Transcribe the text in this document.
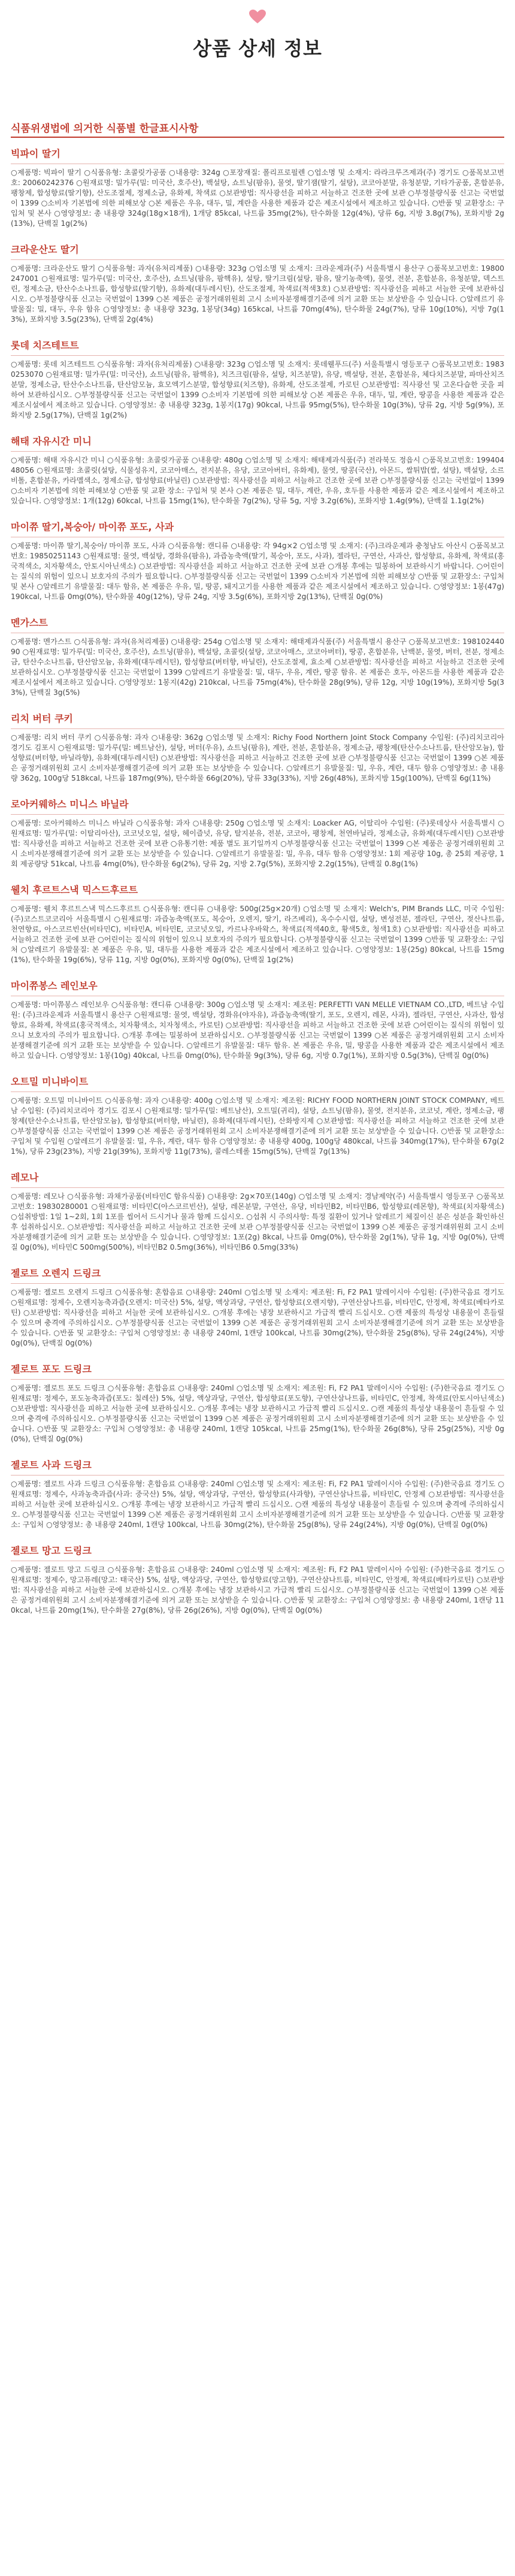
상품 상세 정보
식품위생법에 의거한 식품별 한글표시사항
빅파이 딸기

○제품명: 빅파이 딸기 ○식품유형: 초콜릿가공품 ○내용량: 324g ○포장재질: 폴리프로필렌 ○업소명 및 소재지: 라라크루즈제과(주) 경기도 ○품목보고번호: 20060242376 ○원재료명: 밀가루(밀: 미국산, 호주산), 백설탕, 쇼트닝(팜유), 물엿, 딸기잼(딸기, 설탕), 코코아분말, 유청분말, 기타가공품, 혼합분유, 팽창제, 합성향료(딸기향), 산도조절제, 정제소금, 유화제, 착색료 ○보관방법: 직사광선을 피하고 서늘하고 건조한 곳에 보관 ○부정불량식품 신고는 국번없이 1399 ○소비자 기본법에 의한 피해보상 ○본 제품은 우유, 대두, 밀, 계란을 사용한 제품과 같은 제조시설에서 제조하고 있습니다. ○반품 및 교환장소: 구입처 및 본사 ○영양정보: 총 내용량 324g(18g×18개), 1개당 85kcal, 나트륨 35mg(2%), 탄수화물 12g(4%), 당류 6g, 지방 3.8g(7%), 포화지방 2g(13%), 단백질 1g(2%)

크라운산도 딸기

○제품명: 크라운산도 딸기 ○식품유형: 과자(유처리제품) ○내용량: 323g ○업소명 및 소재지: 크라운제과(주) 서울특별시 용산구 ○품목보고번호: 19800247001 ○원재료명: 밀가루(밀: 미국산, 호주산), 쇼트닝(팜유, 팜핵유), 설탕, 딸기크림(설탕, 팜유, 딸기농축액), 물엿, 전분, 혼합분유, 유청분말, 덱스트린, 정제소금, 탄산수소나트륨, 합성향료(딸기향), 유화제(대두레시틴), 산도조절제, 착색료(적색3호) ○보관방법: 직사광선을 피하고 서늘한 곳에 보관하십시오. ○부정불량식품 신고는 국번없이 1399 ○본 제품은 공정거래위원회 고시 소비자분쟁해결기준에 의거 교환 또는 보상받을 수 있습니다. ○알레르기 유발물질: 밀, 대두, 우유 함유 ○영양정보: 총 내용량 323g, 1봉당(34g) 165kcal, 나트륨 70mg(4%), 탄수화물 24g(7%), 당류 10g(10%), 지방 7g(13%), 포화지방 3.5g(23%), 단백질 2g(4%)

롯데 치즈테트트

○제품명: 롯데 치즈테트트 ○식품유형: 과자(유처리제품) ○내용량: 323g ○업소명 및 소재지: 롯데웰푸드(주) 서울특별시 영등포구 ○품목보고번호: 19830253070 ○원재료명: 밀가루(밀: 미국산), 쇼트닝(팜유, 팜핵유), 치즈크림(팜유, 설탕, 치즈분말), 유당, 백설탕, 전분, 혼합분유, 체다치즈분말, 파마산치즈분말, 정제소금, 탄산수소나트륨, 탄산암모늄, 효모엑기스분말, 합성향료(치즈향), 유화제, 산도조절제, 카로틴 ○보관방법: 직사광선 및 고온다습한 곳을 피하여 보관하십시오. ○부정불량식품 신고는 국번없이 1399 ○소비자 기본법에 의한 피해보상 ○본 제품은 우유, 대두, 밀, 계란, 땅콩을 사용한 제품과 같은 제조시설에서 제조하고 있습니다. ○영양정보: 총 내용량 323g, 1봉지(17g) 90kcal, 나트륨 95mg(5%), 탄수화물 10g(3%), 당류 2g, 지방 5g(9%), 포화지방 2.5g(17%), 단백질 1g(2%)

해태 자유시간 미니

○제품명: 해태 자유시간 미니 ○식품유형: 초콜릿가공품 ○내용량: 480g ○업소명 및 소재지: 해태제과식품(주) 전라북도 정읍시 ○품목보고번호: 19940448056 ○원재료명: 초콜릿(설탕, 식물성유지, 코코아매스, 전지분유, 유당, 코코아버터, 유화제), 물엿, 땅콩(국산), 아몬드, 쌀튀밥(쌀, 설탕), 백설탕, 소르비톨, 혼합분유, 카라멜색소, 정제소금, 합성향료(바닐린) ○보관방법: 직사광선을 피하고 서늘하고 건조한 곳에 보관 ○부정불량식품 신고는 국번없이 1399 ○소비자 기본법에 의한 피해보상 ○반품 및 교환 장소: 구입처 및 본사 ○본 제품은 밀, 대두, 계란, 우유, 호두를 사용한 제품과 같은 제조시설에서 제조하고 있습니다. ○영양정보: 1개(12g) 60kcal, 나트륨 15mg(1%), 탄수화물 7g(2%), 당류 5g, 지방 3.2g(6%), 포화지방 1.4g(9%), 단백질 1.1g(2%)

마이쮸 딸기,복숭아/ 마이쮸 포도, 사과

○제품명: 마이쮸 딸기,복숭아/ 마이쮸 포도, 사과 ○식품유형: 캔디류 ○내용량: 각 94g×2 ○업소명 및 소재지: (주)크라운제과 충청남도 아산시 ○품목보고번호: 19850251143 ○원재료명: 물엿, 백설탕, 경화유(팜유), 과즙농축액(딸기, 복숭아, 포도, 사과), 젤라틴, 구연산, 사과산, 합성향료, 유화제, 착색료(홍국적색소, 치자황색소, 안토시아닌색소) ○보관방법: 직사광선을 피하고 서늘하고 건조한 곳에 보관 ○개봉 후에는 밀봉하여 보관하시기 바랍니다. ○어린이는 질식의 위험이 있으니 보호자의 주의가 필요합니다. ○부정불량식품 신고는 국번없이 1399 ○소비자 기본법에 의한 피해보상 ○반품 및 교환장소: 구입처 및 본사 ○알레르기 유발물질: 대두 함유, 본 제품은 우유, 밀, 땅콩, 돼지고기를 사용한 제품과 같은 제조시설에서 제조하고 있습니다. ○영양정보: 1봉(47g) 190kcal, 나트륨 0mg(0%), 탄수화물 40g(12%), 당류 24g, 지방 3.5g(6%), 포화지방 2g(13%), 단백질 0g(0%)

멘가스트

○제품명: 멘가스트 ○식품유형: 과자(유처리제품) ○내용량: 254g ○업소명 및 소재지: 해태제과식품(주) 서울특별시 용산구 ○품목보고번호: 19810244090 ○원재료명: 밀가루(밀: 미국산, 호주산), 쇼트닝(팜유), 백설탕, 초콜릿(설탕, 코코아매스, 코코아버터), 땅콩, 혼합분유, 난백분, 물엿, 버터, 전분, 정제소금, 탄산수소나트륨, 탄산암모늄, 유화제(대두레시틴), 합성향료(버터향, 바닐린), 산도조절제, 효소제 ○보관방법: 직사광선을 피하고 서늘하고 건조한 곳에 보관하십시오. ○부정불량식품 신고는 국번없이 1399 ○알레르기 유발물질: 밀, 대두, 우유, 계란, 땅콩 함유. 본 제품은 호두, 아몬드를 사용한 제품과 같은 제조시설에서 제조하고 있습니다. ○영양정보: 1봉지(42g) 210kcal, 나트륨 75mg(4%), 탄수화물 28g(9%), 당류 12g, 지방 10g(19%), 포화지방 5g(33%), 단백질 3g(5%)

리치 버터 쿠키

○제품명: 리치 버터 쿠키 ○식품유형: 과자 ○내용량: 362g ○업소명 및 소재지: Richy Food Northern Joint Stock Company 수입원: (주)리치코리아 경기도 김포시 ○원재료명: 밀가루(밀: 베트남산), 설탕, 버터(우유), 쇼트닝(팜유), 계란, 전분, 혼합분유, 정제소금, 팽창제(탄산수소나트륨, 탄산암모늄), 합성향료(버터향, 바닐라향), 유화제(대두레시틴) ○보관방법: 직사광선을 피하고 서늘하고 건조한 곳에 보관 ○부정불량식품 신고는 국번없이 1399 ○본 제품은 공정거래위원회 고시 소비자분쟁해결기준에 의거 교환 또는 보상받을 수 있습니다. ○알레르기 유발물질: 밀, 우유, 계란, 대두 함유 ○영양정보: 총 내용량 362g, 100g당 518kcal, 나트륨 187mg(9%), 탄수화물 66g(20%), 당류 33g(33%), 지방 26g(48%), 포화지방 15g(100%), 단백질 6g(11%)

로아커웨하스 미니스 바닐라

○제품명: 로아커웨하스 미니스 바닐라 ○식품유형: 과자 ○내용량: 250g ○업소명 및 소재지: Loacker AG, 이탈리아 수입원: (주)롯데상사 서울특별시 ○원재료명: 밀가루(밀: 이탈리아산), 코코넛오일, 설탕, 헤이즐넛, 유당, 탈지분유, 전분, 코코아, 팽창제, 천연바닐라, 정제소금, 유화제(대두레시틴) ○보관방법: 직사광선을 피하고 서늘하고 건조한 곳에 보관 ○유통기한: 제품 별도 표기일까지 ○부정불량식품 신고는 국번없이 1399 ○본 제품은 공정거래위원회 고시 소비자분쟁해결기준에 의거 교환 또는 보상받을 수 있습니다. ○알레르기 유발물질: 밀, 우유, 대두 함유 ○영양정보: 1회 제공량 10g, 총 25회 제공량, 1회 제공량당 51kcal, 나트륨 4mg(0%), 탄수화물 6g(2%), 당류 2g, 지방 2.7g(5%), 포화지방 2.2g(15%), 단백질 0.8g(1%)

웰치 후르트스낵 믹스드후르트

○제품명: 웰치 후르트스낵 믹스드후르트 ○식품유형: 캔디류 ○내용량: 500g(25g×20개) ○업소명 및 소재지: Welch's, PIM Brands LLC, 미국 수입원: (주)코스트코코리아 서울특별시 ○원재료명: 과즙농축액(포도, 복숭아, 오렌지, 딸기, 라즈베리), 옥수수시럽, 설탕, 변성전분, 젤라틴, 구연산, 젖산나트륨, 천연향료, 아스코르빈산(비타민C), 비타민A, 비타민E, 코코넛오일, 카르나우바왁스, 착색료(적색40호, 황색5호, 청색1호) ○보관방법: 직사광선을 피하고 서늘하고 건조한 곳에 보관 ○어린이는 질식의 위험이 있으니 보호자의 주의가 필요합니다. ○부정불량식품 신고는 국번없이 1399 ○반품 및 교환장소: 구입처 ○알레르기 유발물질: 본 제품은 우유, 밀, 대두를 사용한 제품과 같은 제조시설에서 제조하고 있습니다. ○영양정보: 1봉(25g) 80kcal, 나트륨 15mg(1%), 탄수화물 19g(6%), 당류 11g, 지방 0g(0%), 포화지방 0g(0%), 단백질 1g(2%)

마이쮸봉스 레인보우

○제품명: 마이쮸봉스 레인보우 ○식품유형: 캔디류 ○내용량: 300g ○업소명 및 소재지: 제조원: PERFETTI VAN MELLE VIETNAM CO.,LTD, 베트남 수입원: (주)크라운제과 서울특별시 용산구 ○원재료명: 물엿, 백설탕, 경화유(야자유), 과즙농축액(딸기, 포도, 오렌지, 레몬, 사과), 젤라틴, 구연산, 사과산, 합성향료, 유화제, 착색료(홍국적색소, 치자황색소, 치자청색소, 카로틴) ○보관방법: 직사광선을 피하고 서늘하고 건조한 곳에 보관 ○어린이는 질식의 위험이 있으니 보호자의 주의가 필요합니다. ○개봉 후에는 밀봉하여 보관하십시오. ○부정불량식품 신고는 국번없이 1399 ○본 제품은 공정거래위원회 고시 소비자분쟁해결기준에 의거 교환 또는 보상받을 수 있습니다. ○알레르기 유발물질: 대두 함유. 본 제품은 우유, 밀, 땅콩을 사용한 제품과 같은 제조시설에서 제조하고 있습니다. ○영양정보: 1봉(10g) 40kcal, 나트륨 0mg(0%), 탄수화물 9g(3%), 당류 6g, 지방 0.7g(1%), 포화지방 0.5g(3%), 단백질 0g(0%)

오트밀 미니바이트

○제품명: 오트밀 미니바이트 ○식품유형: 과자 ○내용량: 400g ○업소명 및 소재지: 제조원: RICHY FOOD NORTHERN JOINT STOCK COMPANY, 베트남 수입원: (주)리치코리아 경기도 김포시 ○원재료명: 밀가루(밀: 베트남산), 오트밀(귀리), 설탕, 쇼트닝(팜유), 물엿, 전지분유, 코코넛, 계란, 정제소금, 팽창제(탄산수소나트륨, 탄산암모늄), 합성향료(버터향, 바닐린), 유화제(대두레시틴), 산화방지제 ○보관방법: 직사광선을 피하고 서늘하고 건조한 곳에 보관 ○부정불량식품 신고는 국번없이 1399 ○본 제품은 공정거래위원회 고시 소비자분쟁해결기준에 의거 교환 또는 보상받을 수 있습니다. ○반품 및 교환장소: 구입처 및 수입원 ○알레르기 유발물질: 밀, 우유, 계란, 대두 함유 ○영양정보: 총 내용량 400g, 100g당 480kcal, 나트륨 340mg(17%), 탄수화물 67g(21%), 당류 23g(23%), 지방 21g(39%), 포화지방 11g(73%), 콜레스테롤 15mg(5%), 단백질 7g(13%)

레모나

○제품명: 레모나 ○식품유형: 과채가공품(비타민C 함유식품) ○내용량: 2g×70포(140g) ○업소명 및 소재지: 경남제약(주) 서울특별시 영등포구 ○품목보고번호: 19830280001 ○원재료명: 비타민C(아스코르빈산), 설탕, 레몬분말, 구연산, 유당, 비타민B2, 비타민B6, 합성향료(레몬향), 착색료(치자황색소) ○섭취방법: 1일 1~2회, 1회 1포를 씹어서 드시거나 물과 함께 드십시오. ○섭취 시 주의사항: 특정 질환이 있거나 알레르기 체질이신 분은 성분을 확인하신 후 섭취하십시오. ○보관방법: 직사광선을 피하고 서늘하고 건조한 곳에 보관 ○부정불량식품 신고는 국번없이 1399 ○본 제품은 공정거래위원회 고시 소비자분쟁해결기준에 의거 교환 또는 보상받을 수 있습니다. ○영양정보: 1포(2g) 8kcal, 나트륨 0mg(0%), 탄수화물 2g(1%), 당류 1g, 지방 0g(0%), 단백질 0g(0%), 비타민C 500mg(500%), 비타민B2 0.5mg(36%), 비타민B6 0.5mg(33%)

젤로트 오렌지 드링크

○제품명: 젤로트 오렌지 드링크 ○식품유형: 혼합음료 ○내용량: 240ml ○업소명 및 소재지: 제조원: Fi, F2 PA1 말레이시아 수입원: (주)한국음료 경기도 ○원재료명: 정제수, 오렌지농축과즙(오렌지: 미국산) 5%, 설탕, 액상과당, 구연산, 합성향료(오렌지향), 구연산삼나트륨, 비타민C, 안정제, 착색료(베타카로틴) ○보관방법: 직사광선을 피하고 서늘한 곳에 보관하십시오. ○개봉 후에는 냉장 보관하시고 가급적 빨리 드십시오. ○캔 제품의 특성상 내용물이 흔들릴 수 있으며 충격에 주의하십시오. ○부정불량식품 신고는 국번없이 1399 ○본 제품은 공정거래위원회 고시 소비자분쟁해결기준에 의거 교환 또는 보상받을 수 있습니다. ○반품 및 교환장소: 구입처 ○영양정보: 총 내용량 240ml, 1캔당 100kcal, 나트륨 30mg(2%), 탄수화물 25g(8%), 당류 24g(24%), 지방 0g(0%), 단백질 0g(0%)

젤로트 포도 드링크

○제품명: 젤로트 포도 드링크 ○식품유형: 혼합음료 ○내용량: 240ml ○업소명 및 소재지: 제조원: Fi, F2 PA1 말레이시아 수입원: (주)한국음료 경기도 ○원재료명: 정제수, 포도농축과즙(포도: 칠레산) 5%, 설탕, 액상과당, 구연산, 합성향료(포도향), 구연산삼나트륨, 비타민C, 안정제, 착색료(안토시아닌색소) ○보관방법: 직사광선을 피하고 서늘한 곳에 보관하십시오. ○개봉 후에는 냉장 보관하시고 가급적 빨리 드십시오. ○캔 제품의 특성상 내용물이 흔들릴 수 있으며 충격에 주의하십시오. ○부정불량식품 신고는 국번없이 1399 ○본 제품은 공정거래위원회 고시 소비자분쟁해결기준에 의거 교환 또는 보상받을 수 있습니다. ○반품 및 교환장소: 구입처 ○영양정보: 총 내용량 240ml, 1캔당 105kcal, 나트륨 25mg(1%), 탄수화물 26g(8%), 당류 25g(25%), 지방 0g(0%), 단백질 0g(0%)

젤로트 사과 드링크

○제품명: 젤로트 사과 드링크 ○식품유형: 혼합음료 ○내용량: 240ml ○업소명 및 소재지: 제조원: Fi, F2 PA1 말레이시아 수입원: (주)한국음료 경기도 ○원재료명: 정제수, 사과농축과즙(사과: 중국산) 5%, 설탕, 액상과당, 구연산, 합성향료(사과향), 구연산삼나트륨, 비타민C, 안정제 ○보관방법: 직사광선을 피하고 서늘한 곳에 보관하십시오. ○개봉 후에는 냉장 보관하시고 가급적 빨리 드십시오. ○캔 제품의 특성상 내용물이 흔들릴 수 있으며 충격에 주의하십시오. ○부정불량식품 신고는 국번없이 1399 ○본 제품은 공정거래위원회 고시 소비자분쟁해결기준에 의거 교환 또는 보상받을 수 있습니다. ○반품 및 교환장소: 구입처 ○영양정보: 총 내용량 240ml, 1캔당 100kcal, 나트륨 30mg(2%), 탄수화물 25g(8%), 당류 24g(24%), 지방 0g(0%), 단백질 0g(0%)

젤로트 망고 드링크

○제품명: 젤로트 망고 드링크 ○식품유형: 혼합음료 ○내용량: 240ml ○업소명 및 소재지: 제조원: Fi, F2 PA1 말레이시아 수입원: (주)한국음료 경기도 ○원재료명: 정제수, 망고퓨레(망고: 태국산) 5%, 설탕, 액상과당, 구연산, 합성향료(망고향), 구연산삼나트륨, 비타민C, 안정제, 착색료(베타카로틴) ○보관방법: 직사광선을 피하고 서늘한 곳에 보관하십시오. ○개봉 후에는 냉장 보관하시고 가급적 빨리 드십시오. ○부정불량식품 신고는 국번없이 1399 ○본 제품은 공정거래위원회 고시 소비자분쟁해결기준에 의거 교환 또는 보상받을 수 있습니다. ○반품 및 교환장소: 구입처 ○영양정보: 총 내용량 240ml, 1캔당 110kcal, 나트륨 20mg(1%), 탄수화물 27g(8%), 당류 26g(26%), 지방 0g(0%), 단백질 0g(0%)
